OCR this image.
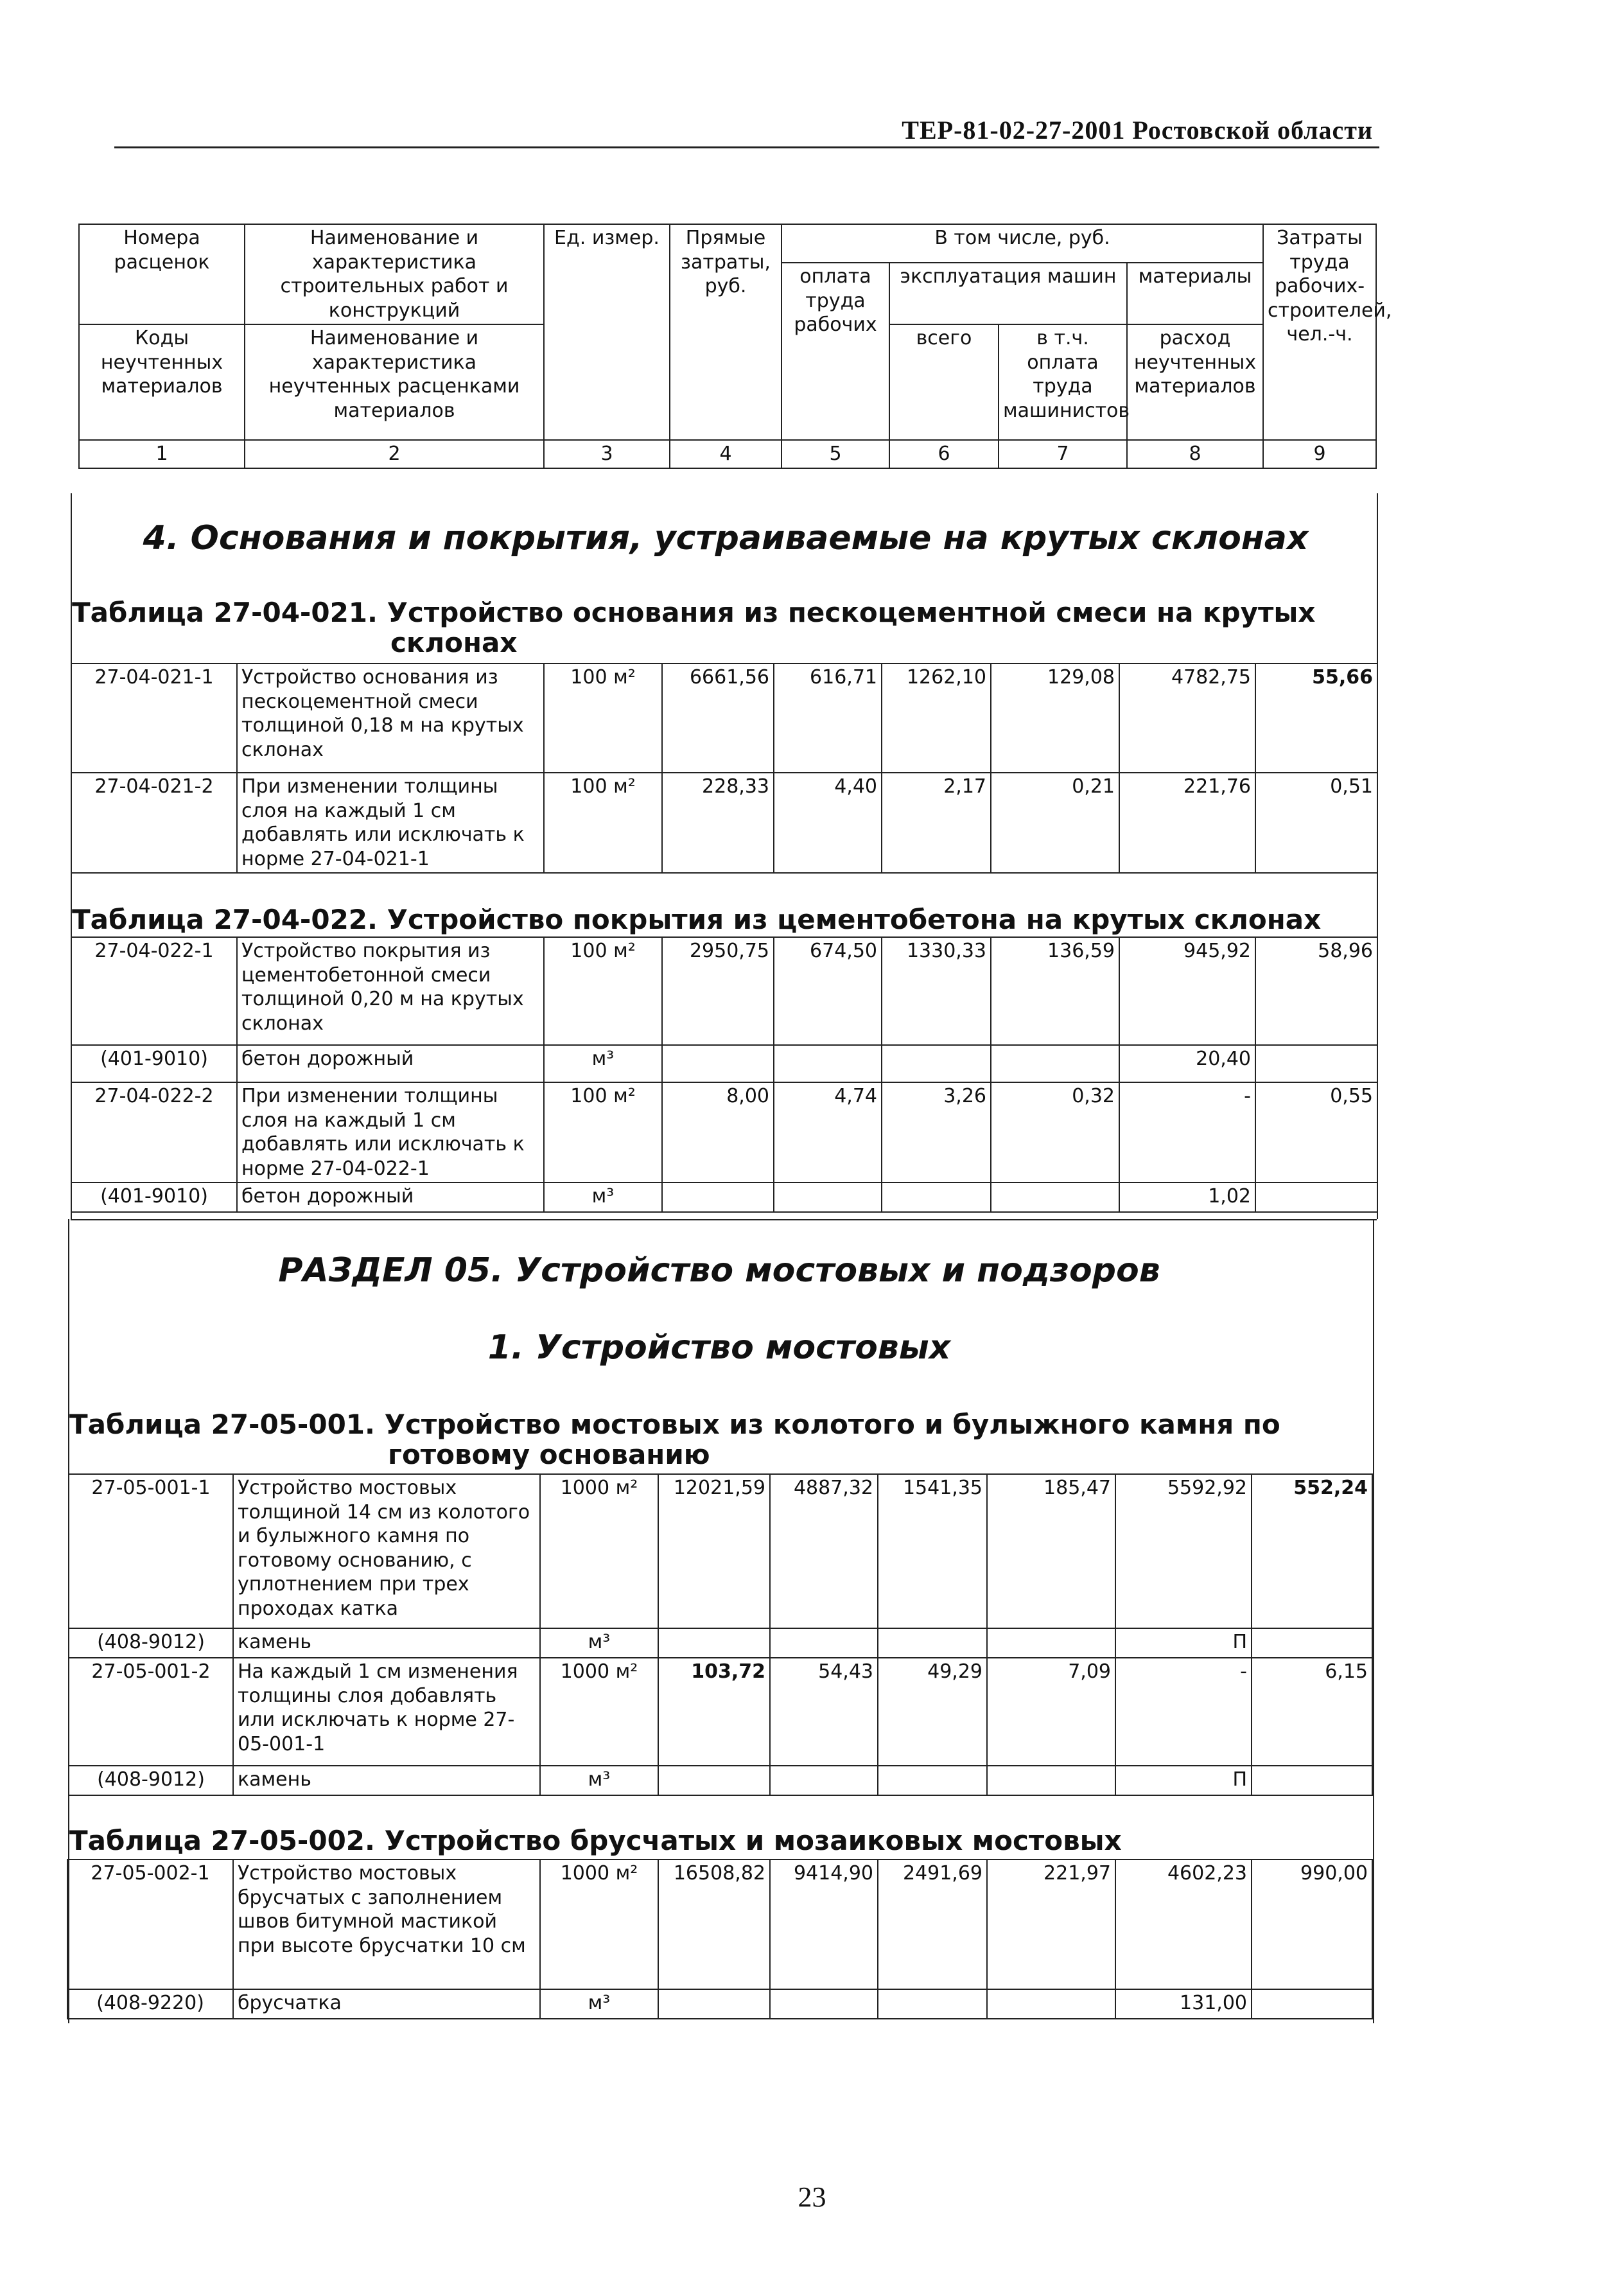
ТЕР-81-02-27-2001 Ростовской области
Номера расценок	Наименование и характеристика строительных работ и конструкций	Ед. измер.	Прямые затраты, руб.	В том числе, руб.				Затраты труда рабочих-строителей, чел.-ч.
				оплата труда рабочих	эксплуатация машин		материалы	
Коды неучтенных материалов	Наименование и характеристика неучтенных расценками материалов				всего	в т.ч. оплата труда машинистов	расход неучтенных материалов	

1	2	3	4	5	6	7	8	9
4. Основания и покрытия, устраиваемые на крутых склонах
Таблица 27-04-021. Устройство основания из пескоцементной смеси на крутых
склонах
27-04-021-1	Устройство основания из пескоцементной смеси толщиной 0,18 м на крутых склонах	100 м²	6661,56	616,71	1262,10	129,08	4782,75	55,66
27-04-021-2	При изменении толщины слоя на каждый 1 см добавлять или исключать к норме 27-04-021-1	100 м²	228,33	4,40	2,17	0,21	221,76	0,51
Таблица 27-04-022. Устройство покрытия из цементобетона на крутых склонах
27-04-022-1	Устройство покрытия из цементобетонной смеси толщиной 0,20 м на крутых склонах	100 м²	2950,75	674,50	1330,33	136,59	945,92	58,96
(401-9010)	бетон дорожный	м³					20,40	
27-04-022-2	При изменении толщины слоя на каждый 1 см добавлять или исключать к норме 27-04-022-1	100 м²	8,00	4,74	3,26	0,32	-	0,55
(401-9010)	бетон дорожный	м³					1,02	
РАЗДЕЛ 05. Устройство мостовых и подзоров
1. Устройство мостовых
Таблица 27-05-001. Устройство мостовых из колотого и булыжного камня по
готовому основанию
27-05-001-1	Устройство мостовых толщиной 14 см из колотого и булыжного камня по готовому основанию, с уплотнением при трех проходах катка	1000 м²	12021,59	4887,32	1541,35	185,47	5592,92	552,24
(408-9012)	камень	м³					П	
27-05-001-2	На каждый 1 см изменения толщины слоя добавлять или исключать к норме 27-05-001-1	1000 м²	103,72	54,43	49,29	7,09	-	6,15
(408-9012)	камень	м³					П	
Таблица 27-05-002. Устройство брусчатых и мозаиковых мостовых
27-05-002-1	Устройство мостовых брусчатых с заполнением швов битумной мастикой при высоте брусчатки 10 см	1000 м²	16508,82	9414,90	2491,69	221,97	4602,23	990,00
(408-9220)	брусчатка	м³					131,00	
23
